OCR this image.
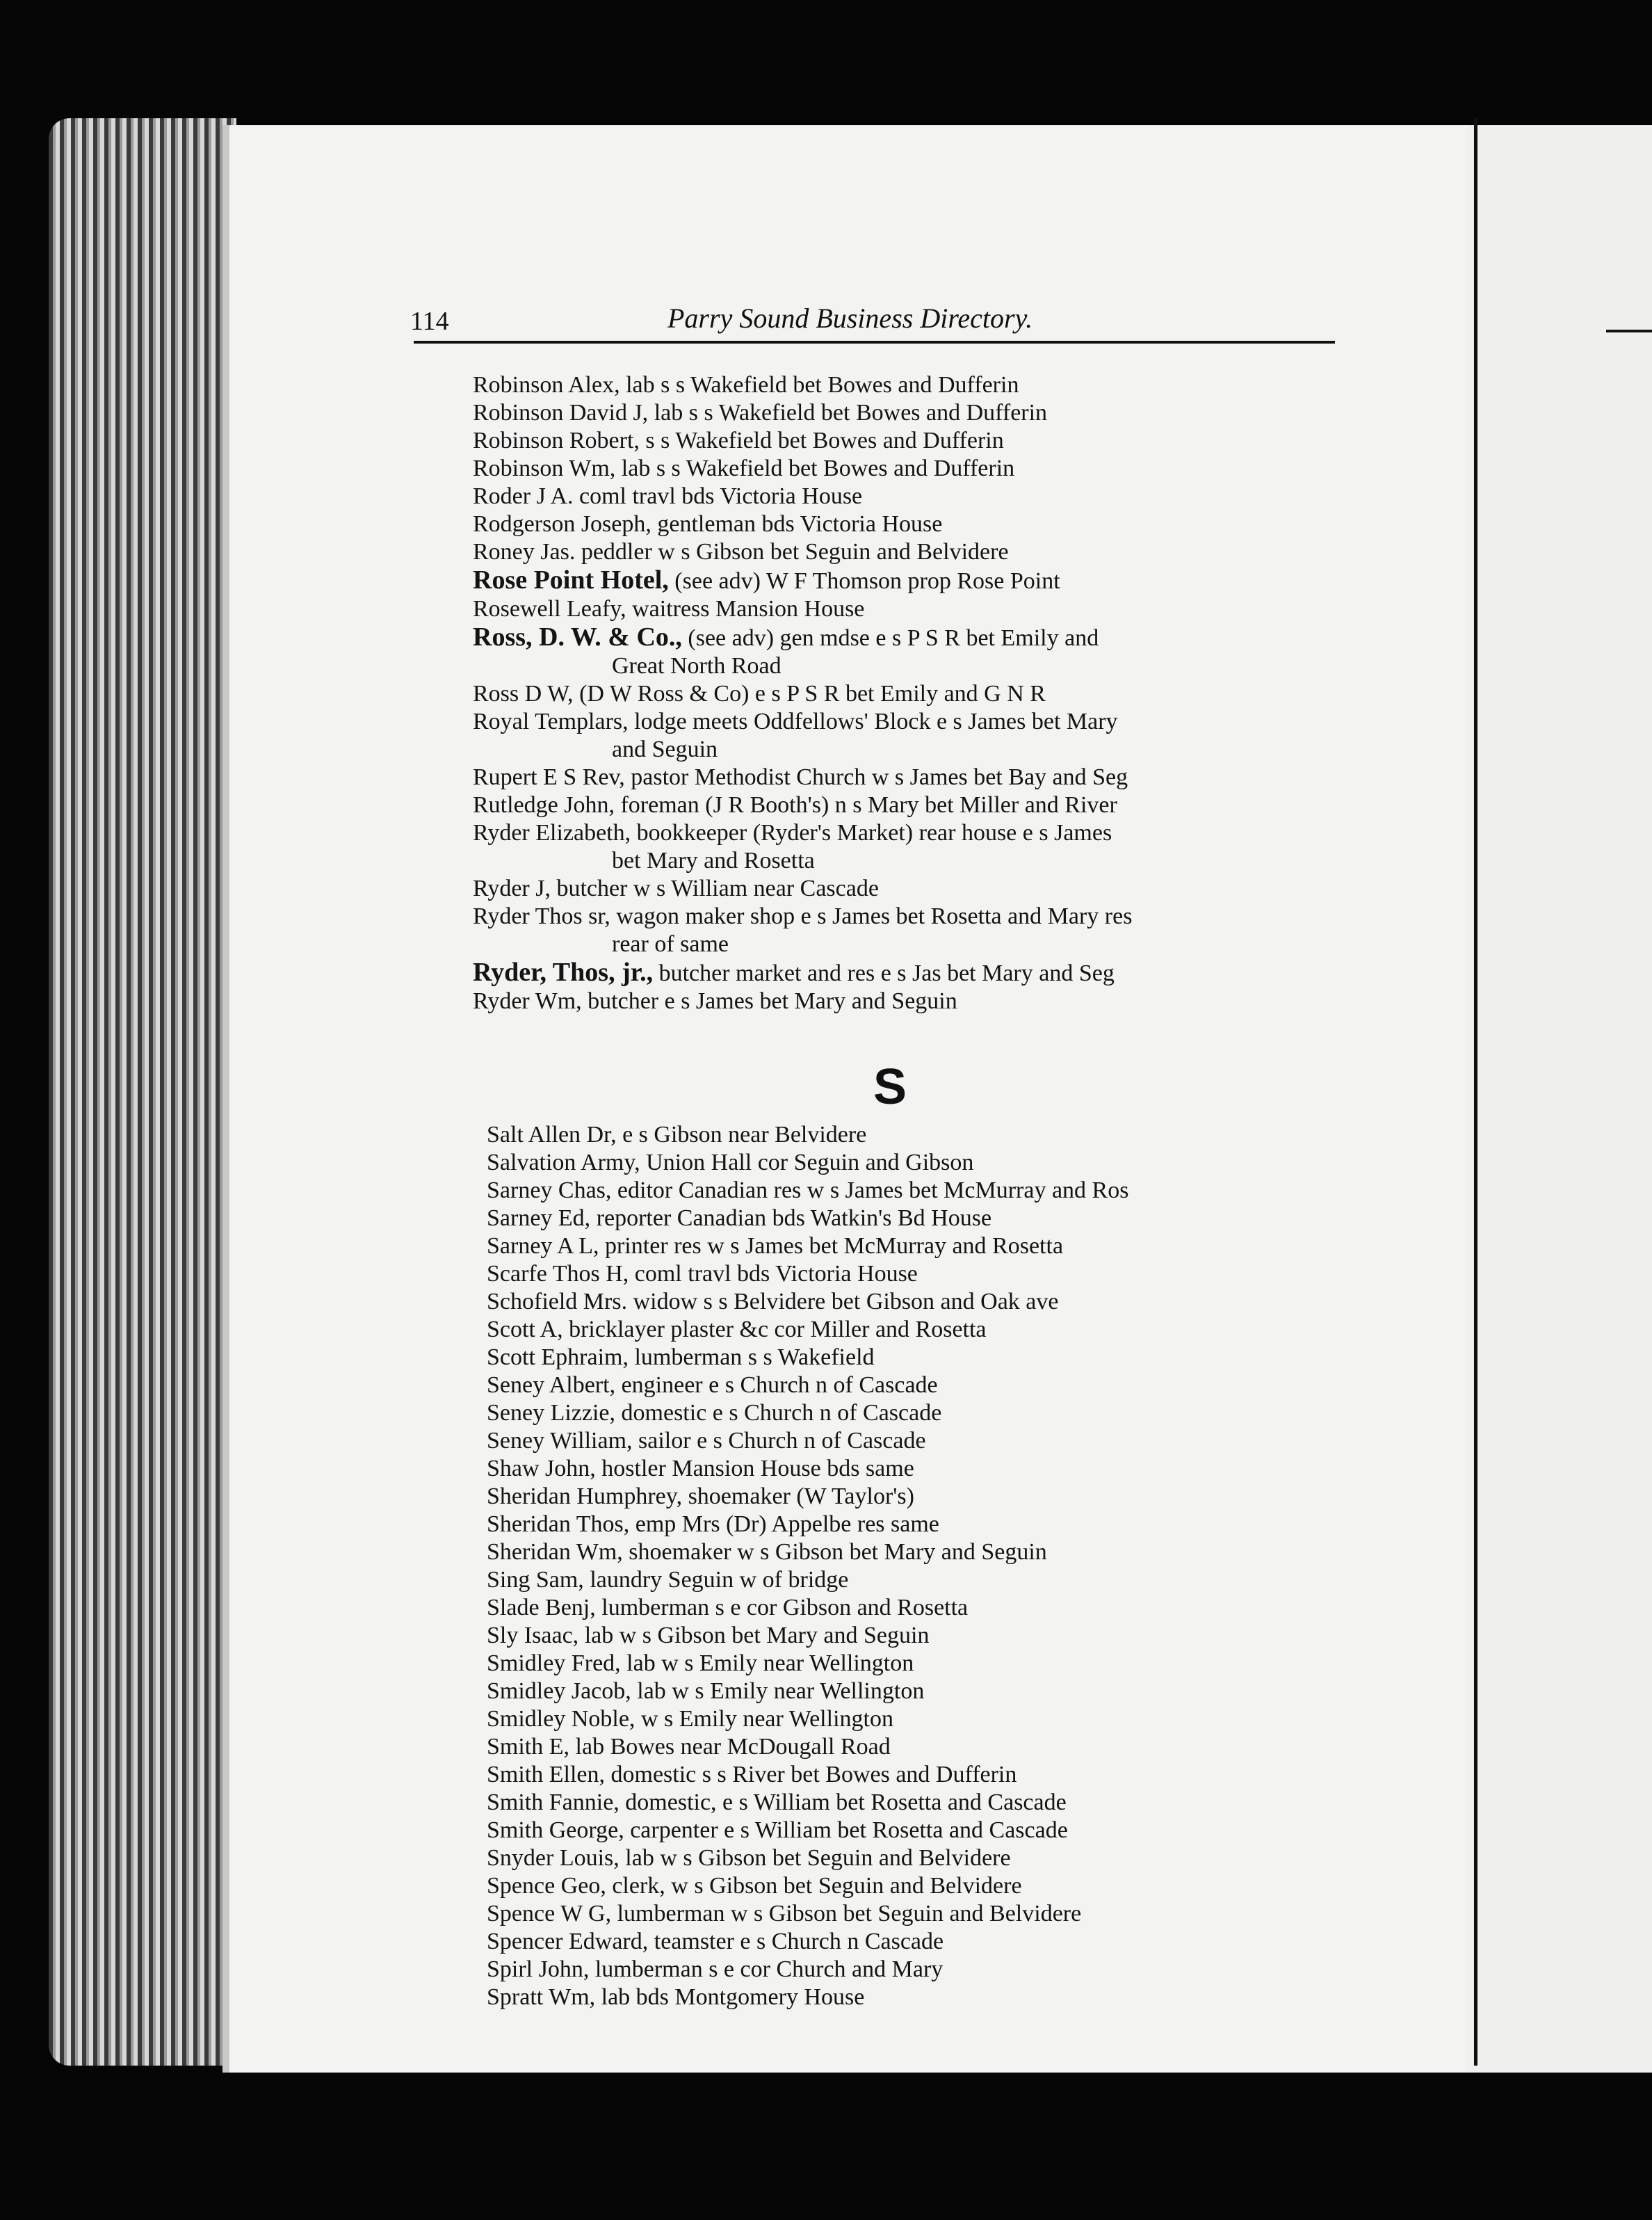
114	Parry Sound Business Directory.
Robinson Alex, lab s s Wakefield bet Bowes and Dufferin
Robinson David J, lab s s Wakefield bet Bowes and Dufferin
Robinson Robert, s s Wakefield bet Bowes and Dufferin
Robinson Wm, lab s s Wakefield bet Bowes and Dufferin
Roder J A. coml travl bds Victoria House
Rodgerson Joseph, gentleman bds Victoria House
Roney Jas. peddler w s Gibson bet Seguin and Belvidere
Rose Point Hotel, (see adv) W F Thomson prop Rose Point
Rosewell Leafy, waitress Mansion House
Ross, D. W. & Co., (see adv) gen mdse e s P S R bet Emily and
Great North Road
Ross D W, (D W Ross & Co) e s P S R bet Emily and G N R
Royal Templars, lodge meets Oddfellows' Block e s James bet Mary
and Seguin
Rupert E S Rev, pastor Methodist Church w s James bet Bay and Seg
Rutledge John, foreman (J R Booth's) n s Mary bet Miller and River
Ryder Elizabeth, bookkeeper (Ryder's Market) rear house e s James
bet Mary and Rosetta
Ryder J, butcher w s William near Cascade
Ryder Thos sr, wagon maker shop e s James bet Rosetta and Mary res
rear of same
Ryder, Thos, jr., butcher market and res e s Jas bet Mary and Seg
Ryder Wm, butcher e s James bet Mary and Seguin
S
Salt Allen Dr, e s Gibson near Belvidere
Salvation Army, Union Hall cor Seguin and Gibson
Sarney Chas, editor Canadian res w s James bet McMurray and Ros
Sarney Ed, reporter Canadian bds Watkin's Bd House
Sarney A L, printer res w s James bet McMurray and Rosetta
Scarfe Thos H, coml travl bds Victoria House
Schofield Mrs. widow s s Belvidere bet Gibson and Oak ave
Scott A, bricklayer plaster &c cor Miller and Rosetta
Scott Ephraim, lumberman s s Wakefield
Seney Albert, engineer e s Church n of Cascade
Seney Lizzie, domestic e s Church n of Cascade
Seney William, sailor e s Church n of Cascade
Shaw John, hostler Mansion House bds same
Sheridan Humphrey, shoemaker (W Taylor's)
Sheridan Thos, emp Mrs (Dr) Appelbe res same
Sheridan Wm, shoemaker w s Gibson bet Mary and Seguin
Sing Sam, laundry Seguin w of bridge
Slade Benj, lumberman s e cor Gibson and Rosetta
Sly Isaac, lab w s Gibson bet Mary and Seguin
Smidley Fred, lab w s Emily near Wellington
Smidley Jacob, lab w s Emily near Wellington
Smidley Noble, w s Emily near Wellington
Smith E, lab Bowes near McDougall Road
Smith Ellen, domestic s s River bet Bowes and Dufferin
Smith Fannie, domestic, e s William bet Rosetta and Cascade
Smith George, carpenter e s William bet Rosetta and Cascade
Snyder Louis, lab w s Gibson bet Seguin and Belvidere
Spence Geo, clerk, w s Gibson bet Seguin and Belvidere
Spence W G, lumberman w s Gibson bet Seguin and Belvidere
Spencer Edward, teamster e s Church n Cascade
Spirl John, lumberman s e cor Church and Mary
Spratt Wm, lab bds Montgomery House
